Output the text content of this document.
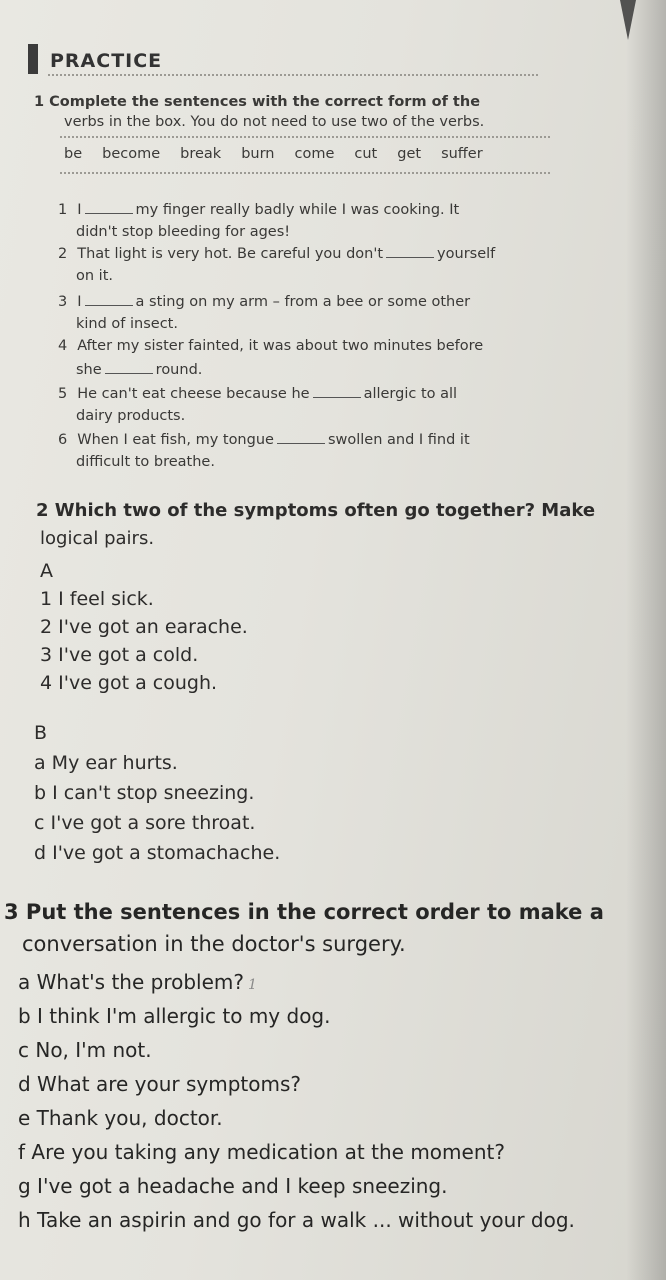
PRACTICE
1 Complete the sentences with the correct form of the
verbs in the box. You do not need to use two of the verbs.
be become break burn come cut get suffer
1 I	my finger really badly while I was cooking. It
didn't stop bleeding for ages!
2 That light is very hot. Be careful you don't	yourself
on it.
3 I	a sting on my arm – from a bee or some other
kind of insect.
4 After my sister fainted, it was about two minutes before
she	round.
5 He can't eat cheese because he	allergic to all
dairy products.
6 When I eat fish, my tongue	swollen and I find it
difficult to breathe.
2 Which two of the symptoms often go together? Make
logical pairs.
A
1 I feel sick.
2 I've got an earache.
3 I've got a cold.
4 I've got a cough.
B
a My ear hurts.
b I can't stop sneezing.
c I've got a sore throat.
d I've got a stomachache.
3 Put the sentences in the correct order to make a
conversation in the doctor's surgery.
a What's the problem? 1
b I think I'm allergic to my dog.
c No, I'm not.
d What are your symptoms?
e Thank you, doctor.
f Are you taking any medication at the moment?
g I've got a headache and I keep sneezing.
h Take an aspirin and go for a walk ... without your dog.
